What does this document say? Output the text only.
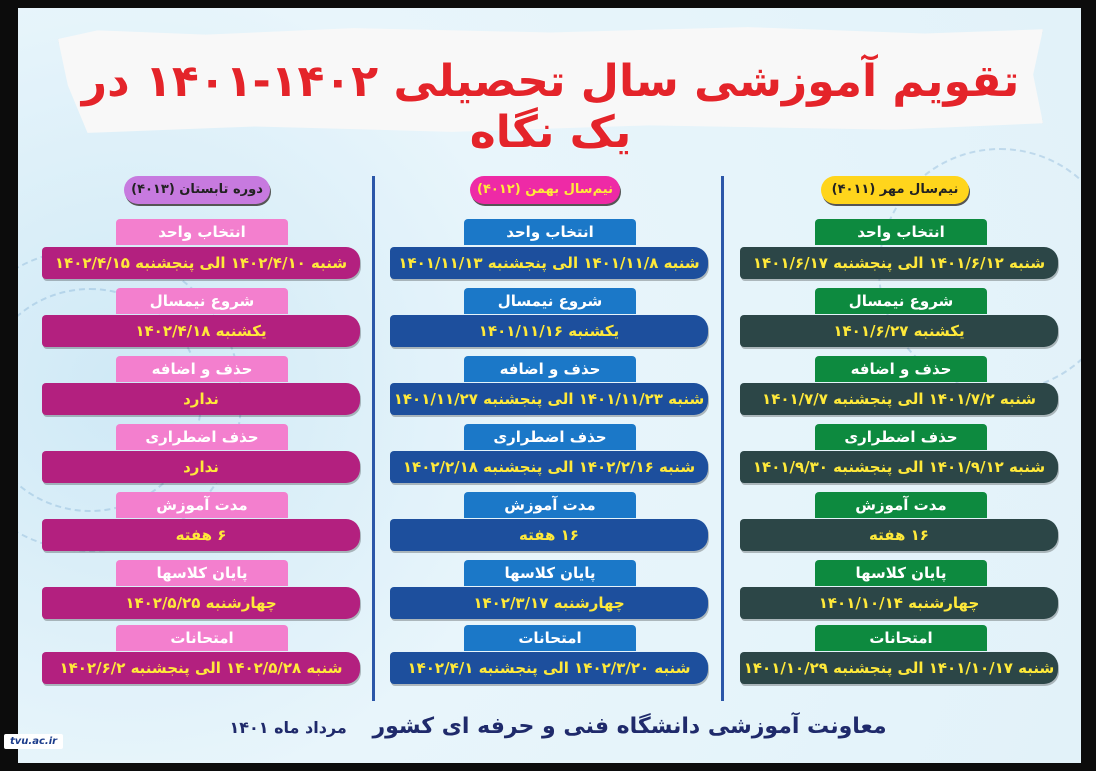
تقویم آموزشی سال تحصیلی ۱۴۰۲-۱۴۰۱ در یک نگاه
نیم‌سال مهر (۴۰۱۱)
انتخاب واحد
شنبه ۱۴۰۱/۶/۱۲ الی پنجشنبه ۱۴۰۱/۶/۱۷
شروع نیمسال
یکشنبه ۱۴۰۱/۶/۲۷
حذف و اضافه
شنبه ۱۴۰۱/۷/۲ الی پنجشنبه ۱۴۰۱/۷/۷
حذف اضطراری
شنبه ۱۴۰۱/۹/۱۲ الی پنجشنبه ۱۴۰۱/۹/۳۰
مدت آموزش
۱۶ هفته
پایان کلاسها
چهارشنبه ۱۴۰۱/۱۰/۱۴
امتحانات
شنبه ۱۴۰۱/۱۰/۱۷ الی پنجشنبه ۱۴۰۱/۱۰/۲۹
نیم‌سال بهمن (۴۰۱۲)
انتخاب واحد
شنبه ۱۴۰۱/۱۱/۸ الی پنجشنبه ۱۴۰۱/۱۱/۱۳
شروع نیمسال
یکشنبه ۱۴۰۱/۱۱/۱۶
حذف و اضافه
شنبه ۱۴۰۱/۱۱/۲۳ الی پنجشنبه ۱۴۰۱/۱۱/۲۷
حذف اضطراری
شنبه ۱۴۰۲/۲/۱۶ الی پنجشنبه ۱۴۰۲/۲/۱۸
مدت آموزش
۱۶ هفته
پایان کلاسها
چهارشنبه ۱۴۰۲/۳/۱۷
امتحانات
شنبه ۱۴۰۲/۳/۲۰ الی پنجشنبه ۱۴۰۲/۴/۱
دوره تابستان (۴۰۱۳)
انتخاب واحد
شنبه ۱۴۰۲/۴/۱۰ الی پنجشنبه ۱۴۰۲/۴/۱۵
شروع نیمسال
یکشنبه ۱۴۰۲/۴/۱۸
حذف و اضافه
ندارد
حذف اضطراری
ندارد
مدت آموزش
۶ هفته
پایان کلاسها
چهارشنبه ۱۴۰۲/۵/۲۵
امتحانات
شنبه ۱۴۰۲/۵/۲۸ الی پنجشنبه ۱۴۰۲/۶/۲
معاونت آموزشی دانشگاه فنی و حرفه ای کشور مرداد ماه ۱۴۰۱
tvu.ac.ir
